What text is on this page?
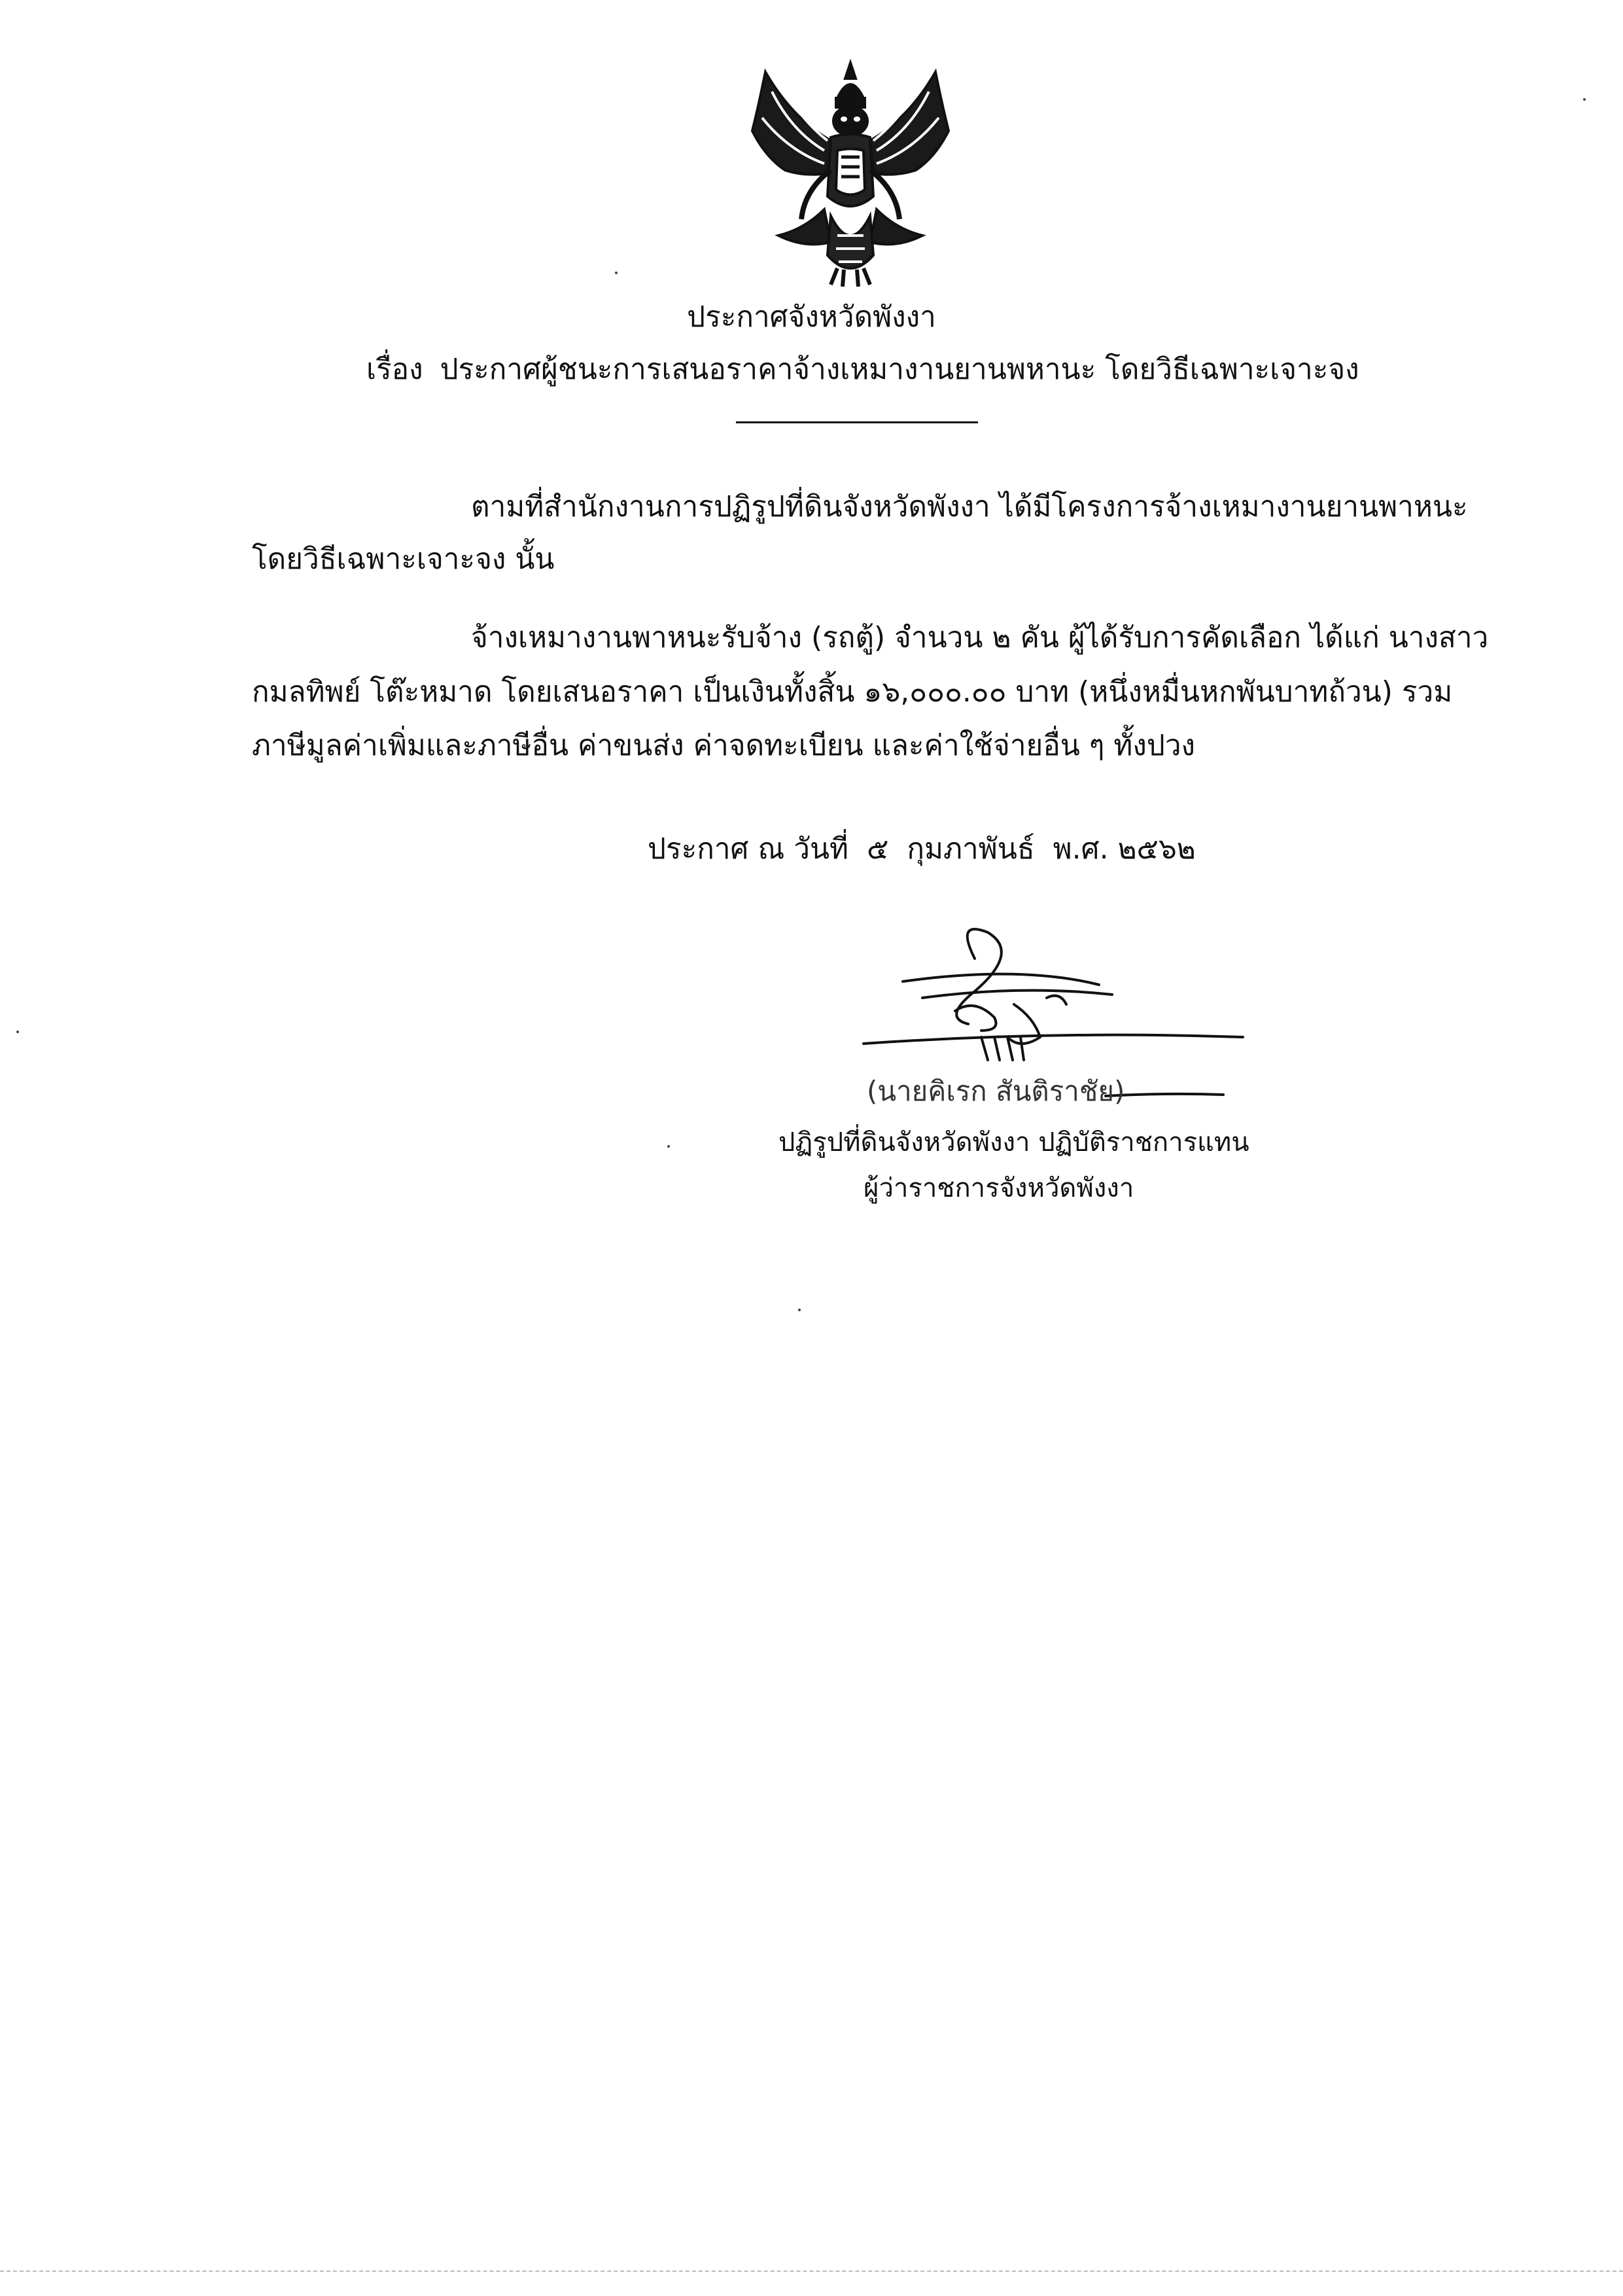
ประกาศจังหวัดพังงา
เรื่อง ประกาศผู้ชนะการเสนอราคาจ้างเหมางานยานพหานะ โดยวิธีเฉพาะเจาะจง
ตามที่สำนักงานการปฏิรูปที่ดินจังหวัดพังงา ได้มีโครงการจ้างเหมางานยานพาหนะ
โดยวิธีเฉพาะเจาะจง นั้น
จ้างเหมางานพาหนะรับจ้าง (รถตู้) จำนวน ๒ คัน ผู้ได้รับการคัดเลือก ได้แก่ นางสาว
กมลทิพย์ โต๊ะหมาด โดยเสนอราคา เป็นเงินทั้งสิ้น ๑๖,๐๐๐.๐๐ บาท (หนึ่งหมื่นหกพันบาทถ้วน) รวม
ภาษีมูลค่าเพิ่มและภาษีอื่น ค่าขนส่ง ค่าจดทะเบียน และค่าใช้จ่ายอื่น ๆ ทั้งปวง
ประกาศ ณ วันที่ ๕ กุมภาพันธ์ พ.ศ. ๒๕๖๒
(นายคิเรก สันติราชัย)
ปฏิรูปที่ดินจังหวัดพังงา ปฏิบัติราชการแทน
ผู้ว่าราชการจังหวัดพังงา
